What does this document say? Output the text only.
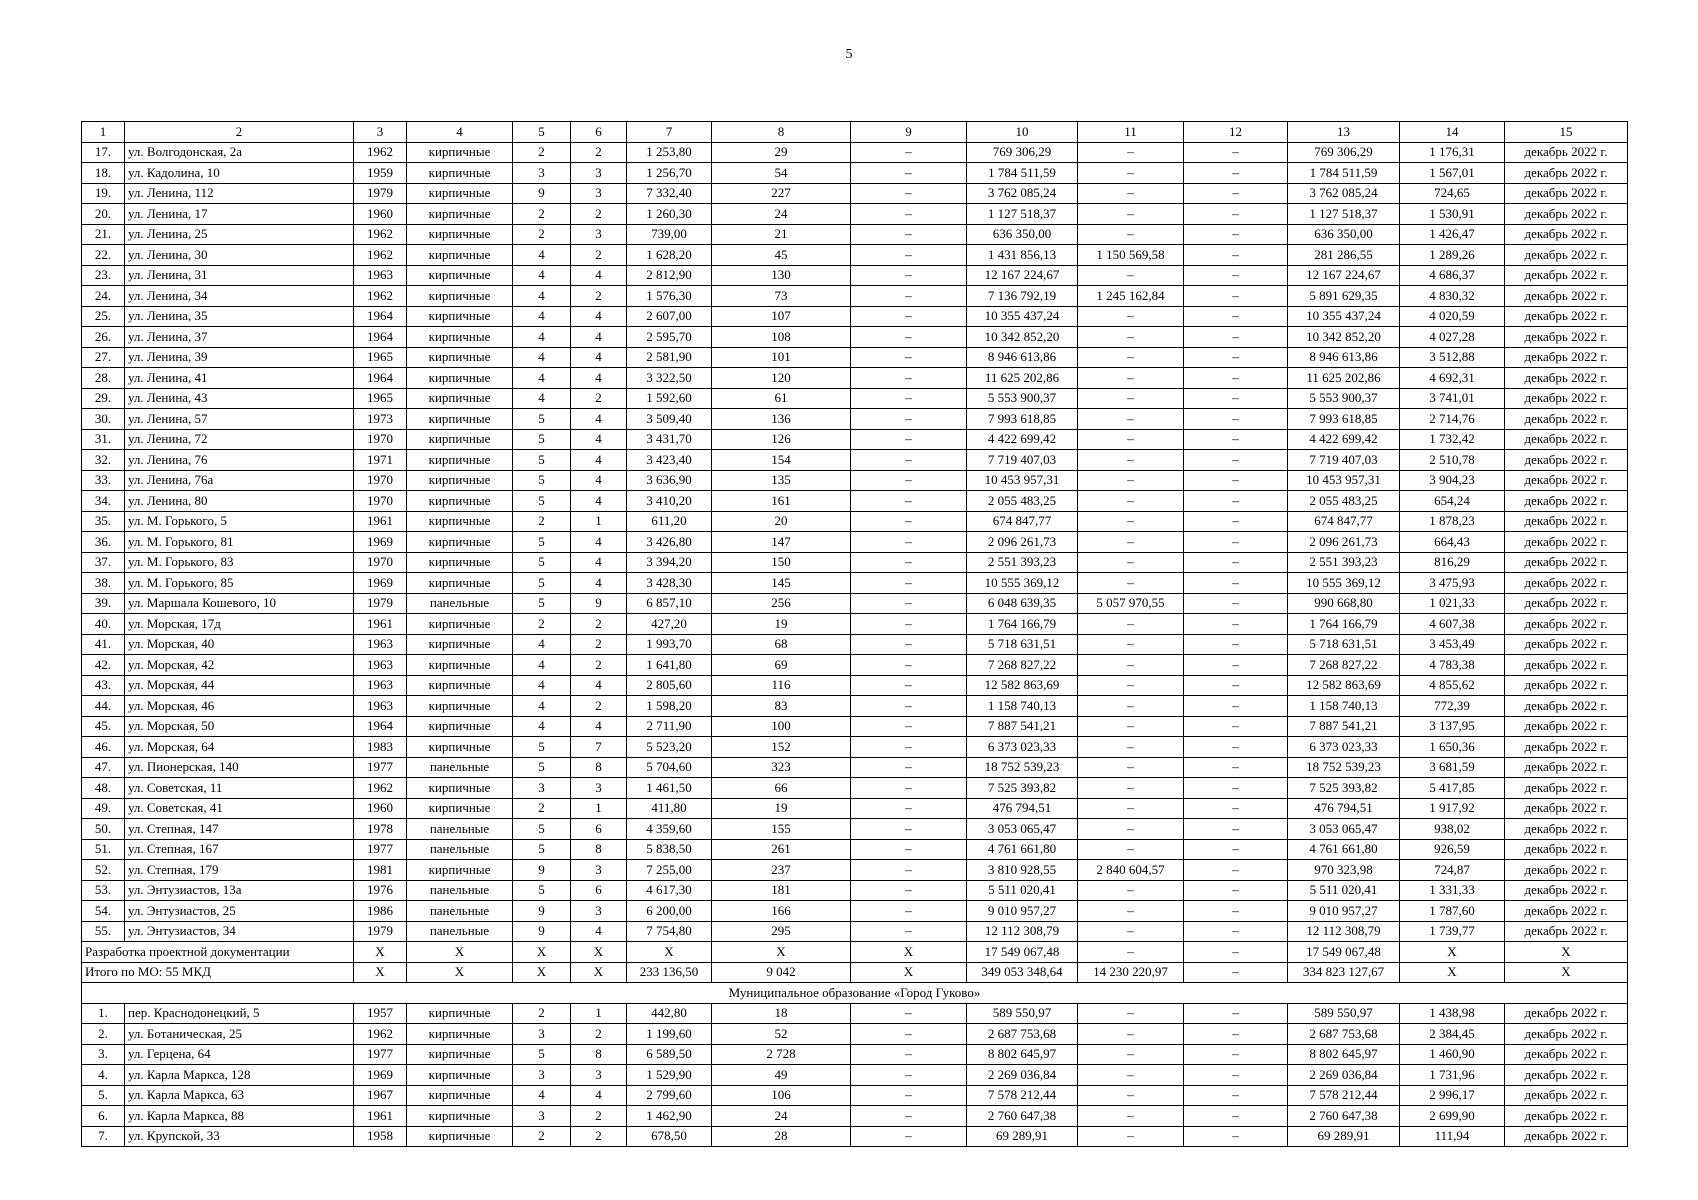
5
1	2	3	4	5	6	7	8	9	10	11	12	13	14	15
17.	ул. Волгодонская, 2а	1962	кирпичные	2	2	1 253,80	29	–	769 306,29	–	–	769 306,29	1 176,31	декабрь 2022 г.
18.	ул. Кадолина, 10	1959	кирпичные	3	3	1 256,70	54	–	1 784 511,59	–	–	1 784 511,59	1 567,01	декабрь 2022 г.
19.	ул. Ленина, 112	1979	кирпичные	9	3	7 332,40	227	–	3 762 085,24	–	–	3 762 085,24	724,65	декабрь 2022 г.
20.	ул. Ленина, 17	1960	кирпичные	2	2	1 260,30	24	–	1 127 518,37	–	–	1 127 518,37	1 530,91	декабрь 2022 г.
21.	ул. Ленина, 25	1962	кирпичные	2	3	739,00	21	–	636 350,00	–	–	636 350,00	1 426,47	декабрь 2022 г.
22.	ул. Ленина, 30	1962	кирпичные	4	2	1 628,20	45	–	1 431 856,13	1 150 569,58	–	281 286,55	1 289,26	декабрь 2022 г.
23.	ул. Ленина, 31	1963	кирпичные	4	4	2 812,90	130	–	12 167 224,67	–	–	12 167 224,67	4 686,37	декабрь 2022 г.
24.	ул. Ленина, 34	1962	кирпичные	4	2	1 576,30	73	–	7 136 792,19	1 245 162,84	–	5 891 629,35	4 830,32	декабрь 2022 г.
25.	ул. Ленина, 35	1964	кирпичные	4	4	2 607,00	107	–	10 355 437,24	–	–	10 355 437,24	4 020,59	декабрь 2022 г.
26.	ул. Ленина, 37	1964	кирпичные	4	4	2 595,70	108	–	10 342 852,20	–	–	10 342 852,20	4 027,28	декабрь 2022 г.
27.	ул. Ленина, 39	1965	кирпичные	4	4	2 581,90	101	–	8 946 613,86	–	–	8 946 613,86	3 512,88	декабрь 2022 г.
28.	ул. Ленина, 41	1964	кирпичные	4	4	3 322,50	120	–	11 625 202,86	–	–	11 625 202,86	4 692,31	декабрь 2022 г.
29.	ул. Ленина, 43	1965	кирпичные	4	2	1 592,60	61	–	5 553 900,37	–	–	5 553 900,37	3 741,01	декабрь 2022 г.
30.	ул. Ленина, 57	1973	кирпичные	5	4	3 509,40	136	–	7 993 618,85	–	–	7 993 618,85	2 714,76	декабрь 2022 г.
31.	ул. Ленина, 72	1970	кирпичные	5	4	3 431,70	126	–	4 422 699,42	–	–	4 422 699,42	1 732,42	декабрь 2022 г.
32.	ул. Ленина, 76	1971	кирпичные	5	4	3 423,40	154	–	7 719 407,03	–	–	7 719 407,03	2 510,78	декабрь 2022 г.
33.	ул. Ленина, 76а	1970	кирпичные	5	4	3 636,90	135	–	10 453 957,31	–	–	10 453 957,31	3 904,23	декабрь 2022 г.
34.	ул. Ленина, 80	1970	кирпичные	5	4	3 410,20	161	–	2 055 483,25	–	–	2 055 483,25	654,24	декабрь 2022 г.
35.	ул. М. Горького, 5	1961	кирпичные	2	1	611,20	20	–	674 847,77	–	–	674 847,77	1 878,23	декабрь 2022 г.
36.	ул. М. Горького, 81	1969	кирпичные	5	4	3 426,80	147	–	2 096 261,73	–	–	2 096 261,73	664,43	декабрь 2022 г.
37.	ул. М. Горького, 83	1970	кирпичные	5	4	3 394,20	150	–	2 551 393,23	–	–	2 551 393,23	816,29	декабрь 2022 г.
38.	ул. М. Горького, 85	1969	кирпичные	5	4	3 428,30	145	–	10 555 369,12	–	–	10 555 369,12	3 475,93	декабрь 2022 г.
39.	ул. Маршала Кошевого, 10	1979	панельные	5	9	6 857,10	256	–	6 048 639,35	5 057 970,55	–	990 668,80	1 021,33	декабрь 2022 г.
40.	ул. Морская, 17д	1961	кирпичные	2	2	427,20	19	–	1 764 166,79	–	–	1 764 166,79	4 607,38	декабрь 2022 г.
41.	ул. Морская, 40	1963	кирпичные	4	2	1 993,70	68	–	5 718 631,51	–	–	5 718 631,51	3 453,49	декабрь 2022 г.
42.	ул. Морская, 42	1963	кирпичные	4	2	1 641,80	69	–	7 268 827,22	–	–	7 268 827,22	4 783,38	декабрь 2022 г.
43.	ул. Морская, 44	1963	кирпичные	4	4	2 805,60	116	–	12 582 863,69	–	–	12 582 863,69	4 855,62	декабрь 2022 г.
44.	ул. Морская, 46	1963	кирпичные	4	2	1 598,20	83	–	1 158 740,13	–	–	1 158 740,13	772,39	декабрь 2022 г.
45.	ул. Морская, 50	1964	кирпичные	4	4	2 711,90	100	–	7 887 541,21	–	–	7 887 541,21	3 137,95	декабрь 2022 г.
46.	ул. Морская, 64	1983	кирпичные	5	7	5 523,20	152	–	6 373 023,33	–	–	6 373 023,33	1 650,36	декабрь 2022 г.
47.	ул. Пионерская, 140	1977	панельные	5	8	5 704,60	323	–	18 752 539,23	–	–	18 752 539,23	3 681,59	декабрь 2022 г.
48.	ул. Советская, 11	1962	кирпичные	3	3	1 461,50	66	–	7 525 393,82	–	–	7 525 393,82	5 417,85	декабрь 2022 г.
49.	ул. Советская, 41	1960	кирпичные	2	1	411,80	19	–	476 794,51	–	–	476 794,51	1 917,92	декабрь 2022 г.
50.	ул. Степная, 147	1978	панельные	5	6	4 359,60	155	–	3 053 065,47	–	–	3 053 065,47	938,02	декабрь 2022 г.
51.	ул. Степная, 167	1977	панельные	5	8	5 838,50	261	–	4 761 661,80	–	–	4 761 661,80	926,59	декабрь 2022 г.
52.	ул. Степная, 179	1981	кирпичные	9	3	7 255,00	237	–	3 810 928,55	2 840 604,57	–	970 323,98	724,87	декабрь 2022 г.
53.	ул. Энтузиастов, 13а	1976	панельные	5	6	4 617,30	181	–	5 511 020,41	–	–	5 511 020,41	1 331,33	декабрь 2022 г.
54.	ул. Энтузиастов, 25	1986	панельные	9	3	6 200,00	166	–	9 010 957,27	–	–	9 010 957,27	1 787,60	декабрь 2022 г.
55.	ул. Энтузиастов, 34	1979	панельные	9	4	7 754,80	295	–	12 112 308,79	–	–	12 112 308,79	1 739,77	декабрь 2022 г.
Разработка проектной документации		Х	Х	Х	Х	Х	Х	Х	17 549 067,48	–	–	17 549 067,48	Х	Х
Итого по МО: 55 МКД		Х	Х	Х	Х	233 136,50	9 042	Х	349 053 348,64	14 230 220,97	–	334 823 127,67	Х	Х
Муниципальное образование «Город Гуково»														
1.	пер. Краснодонецкий, 5	1957	кирпичные	2	1	442,80	18	–	589 550,97	–	–	589 550,97	1 438,98	декабрь 2022 г.
2.	ул. Ботаническая, 25	1962	кирпичные	3	2	1 199,60	52	–	2 687 753,68	–	–	2 687 753,68	2 384,45	декабрь 2022 г.
3.	ул. Герцена, 64	1977	кирпичные	5	8	6 589,50	2 728	–	8 802 645,97	–	–	8 802 645,97	1 460,90	декабрь 2022 г.
4.	ул. Карла Маркса, 128	1969	кирпичные	3	3	1 529,90	49	–	2 269 036,84	–	–	2 269 036,84	1 731,96	декабрь 2022 г.
5.	ул. Карла Маркса, 63	1967	кирпичные	4	4	2 799,60	106	–	7 578 212,44	–	–	7 578 212,44	2 996,17	декабрь 2022 г.
6.	ул. Карла Маркса, 88	1961	кирпичные	3	2	1 462,90	24	–	2 760 647,38	–	–	2 760 647,38	2 699,90	декабрь 2022 г.
7.	ул. Крупской, 33	1958	кирпичные	2	2	678,50	28	–	69 289,91	–	–	69 289,91	111,94	декабрь 2022 г.
